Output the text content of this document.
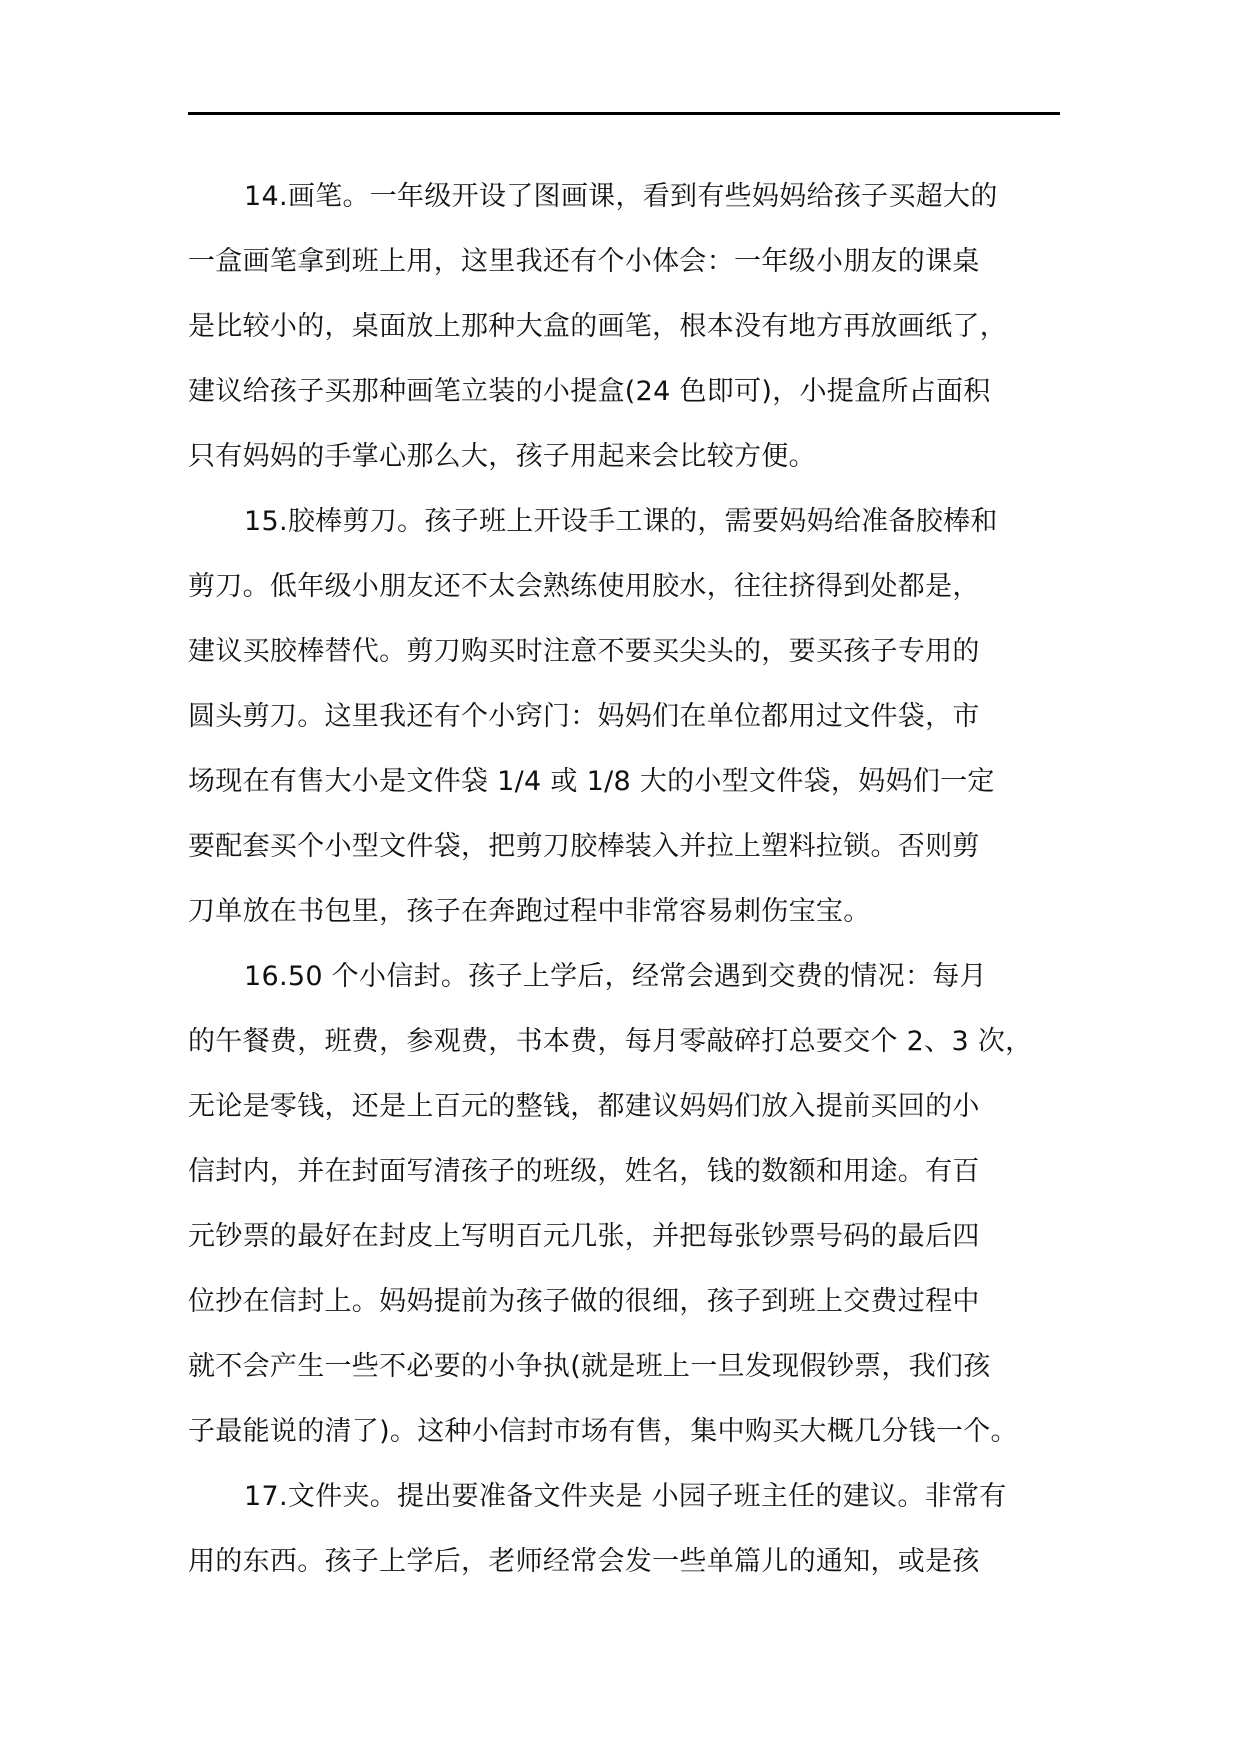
14.画笔。一年级开设了图画课，看到有些妈妈给孩子买超大的
一盒画笔拿到班上用，这里我还有个小体会：一年级小朋友的课桌
是比较小的，桌面放上那种大盒的画笔，根本没有地方再放画纸了，
建议给孩子买那种画笔立装的小提盒(24 色即可)，小提盒所占面积
只有妈妈的手掌心那么大，孩子用起来会比较方便。
15.胶棒剪刀。孩子班上开设手工课的，需要妈妈给准备胶棒和
剪刀。低年级小朋友还不太会熟练使用胶水，往往挤得到处都是，
建议买胶棒替代。剪刀购买时注意不要买尖头的，要买孩子专用的
圆头剪刀。这里我还有个小窍门：妈妈们在单位都用过文件袋，市
场现在有售大小是文件袋 1/4 或 1/8 大的小型文件袋，妈妈们一定
要配套买个小型文件袋，把剪刀胶棒装入并拉上塑料拉锁。否则剪
刀单放在书包里，孩子在奔跑过程中非常容易刺伤宝宝。
16.50 个小信封。孩子上学后，经常会遇到交费的情况：每月
的午餐费，班费，参观费，书本费，每月零敲碎打总要交个 2、3 次，
无论是零钱，还是上百元的整钱，都建议妈妈们放入提前买回的小
信封内，并在封面写清孩子的班级，姓名，钱的数额和用途。有百
元钞票的最好在封皮上写明百元几张，并把每张钞票号码的最后四
位抄在信封上。妈妈提前为孩子做的很细，孩子到班上交费过程中
就不会产生一些不必要的小争执(就是班上一旦发现假钞票，我们孩
子最能说的清了)。这种小信封市场有售，集中购买大概几分钱一个。
17.文件夹。提出要准备文件夹是 小园子班主任的建议。非常有
用的东西。孩子上学后，老师经常会发一些单篇儿的通知，或是孩
